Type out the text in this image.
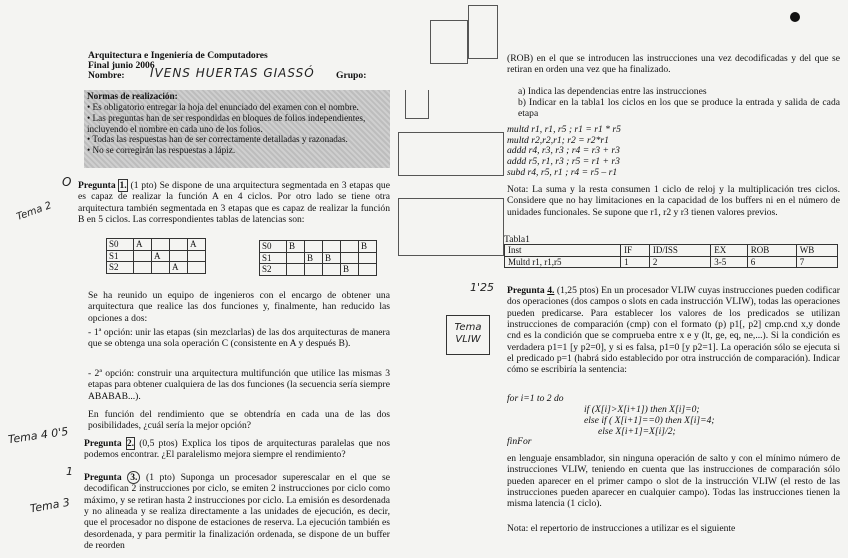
Arquitectura e Ingeniería de Computadores
Final junio 2006
Nombre: IVENS HUERTAS GIASSÓ Grupo:
Normas de realización:
• Es obligatorio entregar la hoja del enunciado del examen con el nombre.
• Las preguntas han de ser respondidas en bloques de folios independientes, incluyendo el nombre en cada uno de los folios.
• Todas las respuestas han de ser correctamente detalladas y razonadas.
• No se corregirán las respuestas a lápiz.
O
Tema 2
Pregunta 1. (1 pto) Se dispone de una arquitectura segmentada en 3 etapas que es capaz de realizar la función A en 4 ciclos. Por otro lado se tiene otra arquitectura también segmentada en 3 etapas que es capaz de realizar la función B en 5 ciclos. Las correspondientes tablas de latencias son:
S0	A			A
S1		A		
S2			A	
S0	B				B
S1		B	B		
S2				B	
Se ha reunido un equipo de ingenieros con el encargo de obtener una arquitectura que realice las dos funciones y, finalmente, han reducido las opciones a dos:
- 1ª opción: unir las etapas (sin mezclarlas) de las dos arquitecturas de manera que se obtenga una sola operación C (consistente en A y después B).
- 2ª opción: construir una arquitectura multifunción que utilice las mismas 3 etapas para obtener cualquiera de las dos funciones (la secuencia sería siempre ABABAB...).
En función del rendimiento que se obtendría en cada una de las dos posibilidades, ¿cuál sería la mejor opción?
Tema 4 0'5 Pregunta 2. (0,5 ptos) Explica los tipos de arquitecturas paralelas que nos podemos encontrar. ¿El paralelismo mejora siempre el rendimiento?
1
Tema 3
Pregunta 3. (1 pto) Suponga un procesador superescalar en el que se decodifican 2 instrucciones por ciclo, se emiten 2 instrucciones por ciclo como máximo, y se retiran hasta 2 instrucciones por ciclo. La emisión es desordenada y no alineada y se realiza directamente a las unidades de ejecución, es decir, que el procesador no dispone de estaciones de reserva. La ejecución también es desordenada, y para permitir la finalización ordenada, se dispone de un buffer de reorden
(ROB) en el que se introducen las instrucciones una vez decodificadas y del que se retiran en orden una vez que ha finalizado.
a) Indica las dependencias entre las instrucciones
b) Indicar en la tabla1 los ciclos en los que se produce la entrada y salida de cada etapa
multd r1, r1, r5 ; r1 = r1 * r5
multd r2,r2,r1; r2 = r2*r1
addd r4, r3, r3 ; r4 = r3 + r3
addd r5, r1, r3 ; r5 = r1 + r3
subd r4, r5, r1 ; r4 = r5 – r1
Nota: La suma y la resta consumen 1 ciclo de reloj y la multiplicación tres ciclos. Considere que no hay limitaciones en la capacidad de los buffers ni en el número de unidades funcionales. Se supone que r1, r2 y r3 tienen valores previos.
Tabla1
Inst	IF	ID/ISS	EX	ROB	WB
Multd r1, r1,r5	1	2	3-5	6	7
1'25
Tema VLIW
Pregunta 4. (1,25 ptos) En un procesador VLIW cuyas instrucciones pueden codificar dos operaciones (dos campos o slots en cada instrucción VLIW), todas las operaciones pueden predicarse. Para establecer los valores de los predicados se utilizan instrucciones de comparación (cmp) con el formato (p) p1[, p2] cmp.cnd x,y donde cnd es la condición que se comprueba entre x e y (lt, ge, eq, ne,...). Si la condición es verdadera p1=1 [y p2=0], y si es falsa, p1=0 [y p2=1]. La operación sólo se ejecuta si el predicado p=1 (habrá sido establecido por otra instrucción de comparación). Indicar cómo se escribiría la sentencia:
for i=1 to 2 do
if (X[i]>X[i+1]) then X[i]=0;
else if ( X[i+1]==0) then X[i]=4;
else X[i+1]=X[i]/2;
finFor
en lenguaje ensamblador, sin ninguna operación de salto y con el mínimo número de instrucciones VLIW, teniendo en cuenta que las instrucciones de comparación sólo pueden aparecer en el primer campo o slot de la instrucción VLIW (el resto de las instrucciones pueden aparecer en cualquier campo). Todas las instrucciones tienen la misma latencia (1 ciclo).
Nota: el repertorio de instrucciones a utilizar es el siguiente
